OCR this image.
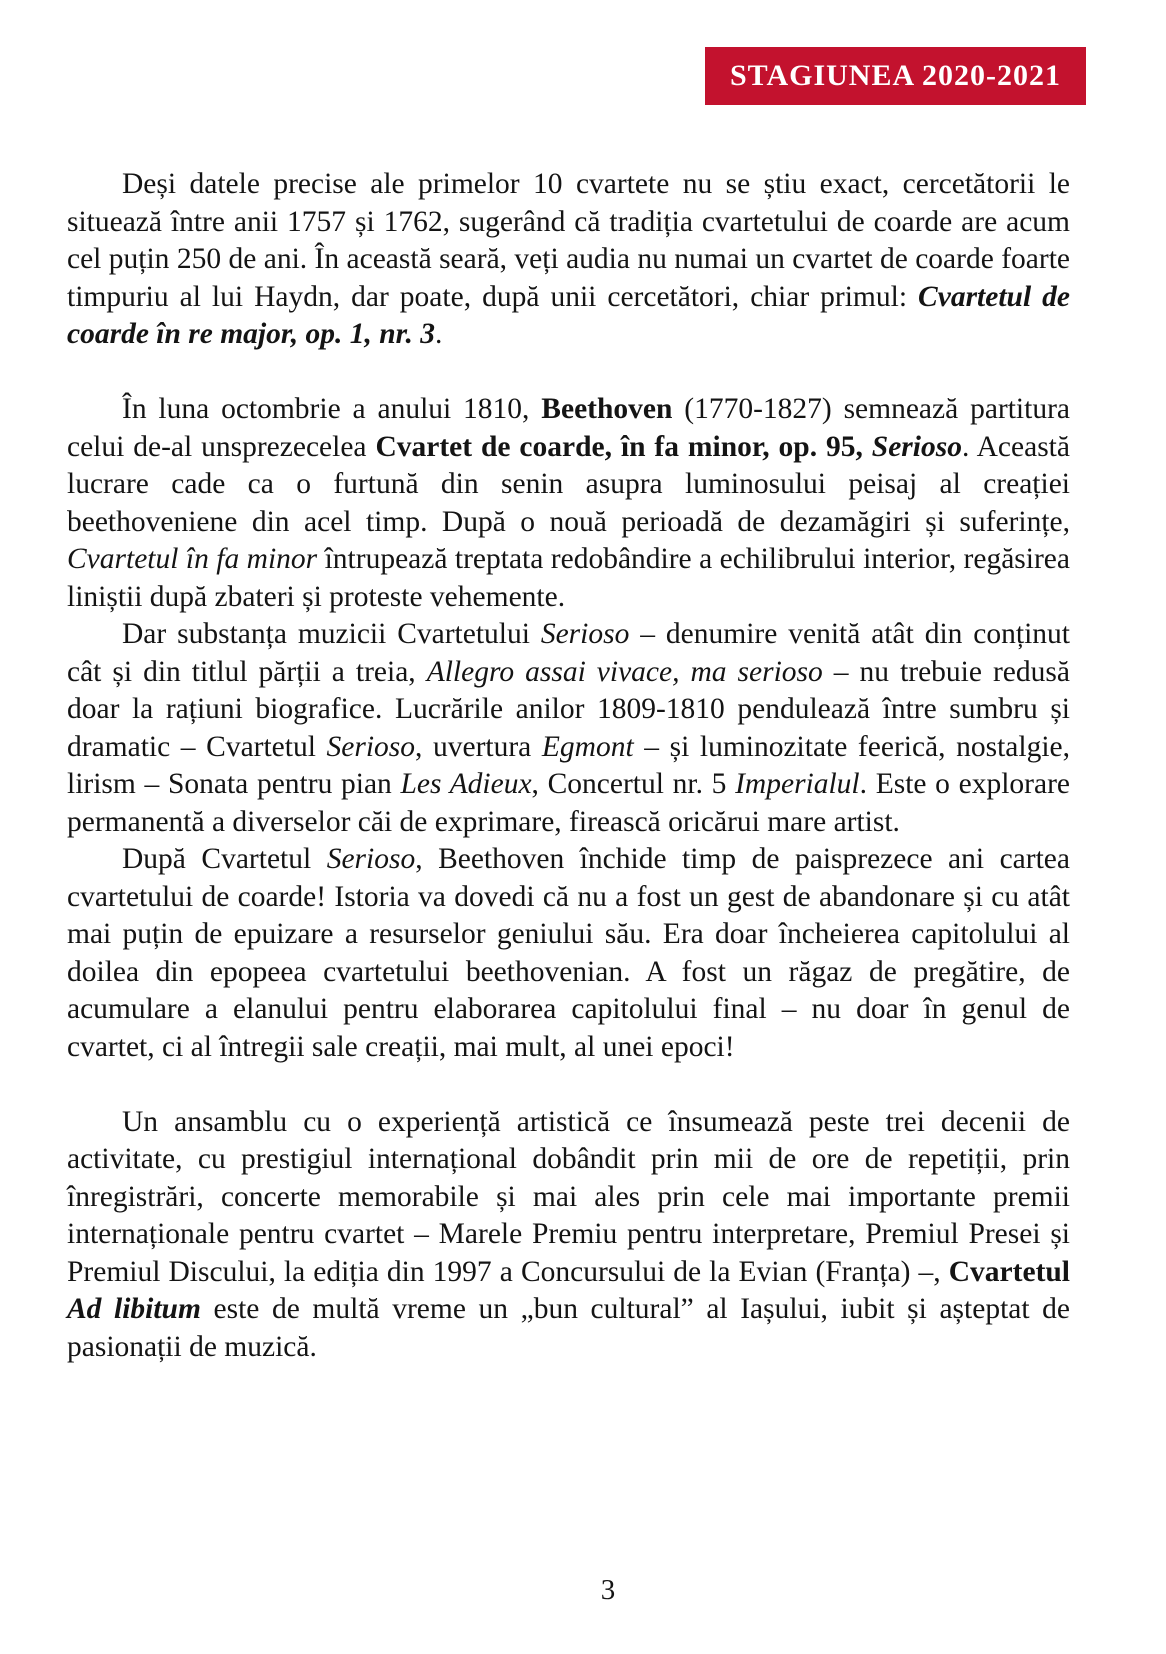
STAGIUNEA 2020-2021

Deși datele precise ale primelor 10 cvartete nu se știu exact, cercetătorii le situează între anii 1757 și 1762, sugerând că tradiția cvartetului de coarde are acum cel puțin 250 de ani. În această seară, veți audia nu numai un cvartet de coarde foarte timpuriu al lui Haydn, dar poate, după unii cercetători, chiar primul: Cvartetul de coarde în re major, op. 1, nr. 3.

În luna octombrie a anului 1810, Beethoven (1770-1827) semnează partitura celui de-al unsprezecelea Cvartet de coarde, în fa minor, op. 95, Serioso. Această lucrare cade ca o furtună din senin asupra luminosului peisaj al creației beethoveniene din acel timp. După o nouă perioadă de dezamăgiri și suferințe, Cvartetul în fa minor întrupează treptata redobândire a echilibrului interior, regăsirea liniștii după zbateri și proteste vehemente.

Dar substanța muzicii Cvartetului Serioso – denumire venită atât din conținut cât și din titlul părții a treia, Allegro assai vivace, ma serioso – nu trebuie redusă doar la rațiuni biografice. Lucrările anilor 1809-1810 pendulează între sumbru și dramatic – Cvartetul Serioso, uvertura Egmont – și luminozitate feerică, nostalgie, lirism – Sonata pentru pian Les Adieux, Concertul nr. 5 Imperialul. Este o explorare permanentă a diverselor căi de exprimare, firească oricărui mare artist.

După Cvartetul Serioso, Beethoven închide timp de paisprezece ani cartea cvartetului de coarde! Istoria va dovedi că nu a fost un gest de abandonare și cu atât mai puțin de epuizare a resurselor geniului său. Era doar încheierea capitolului al doilea din epopeea cvartetului beethovenian. A fost un răgaz de pregătire, de acumulare a elanului pentru elaborarea capitolului final – nu doar în genul de cvartet, ci al întregii sale creații, mai mult, al unei epoci!

Un ansamblu cu o experiență artistică ce însumează peste trei decenii de activitate, cu prestigiul internațional dobândit prin mii de ore de repetiții, prin înregistrări, concerte memorabile și mai ales prin cele mai importante premii internaționale pentru cvartet – Marele Premiu pentru interpretare, Premiul Presei și Premiul Discului, la ediția din 1997 a Concursului de la Evian (Franța) –, Cvartetul Ad libitum este de multă vreme un „bun cultural” al Iașului, iubit și așteptat de pasionații de muzică.

3
